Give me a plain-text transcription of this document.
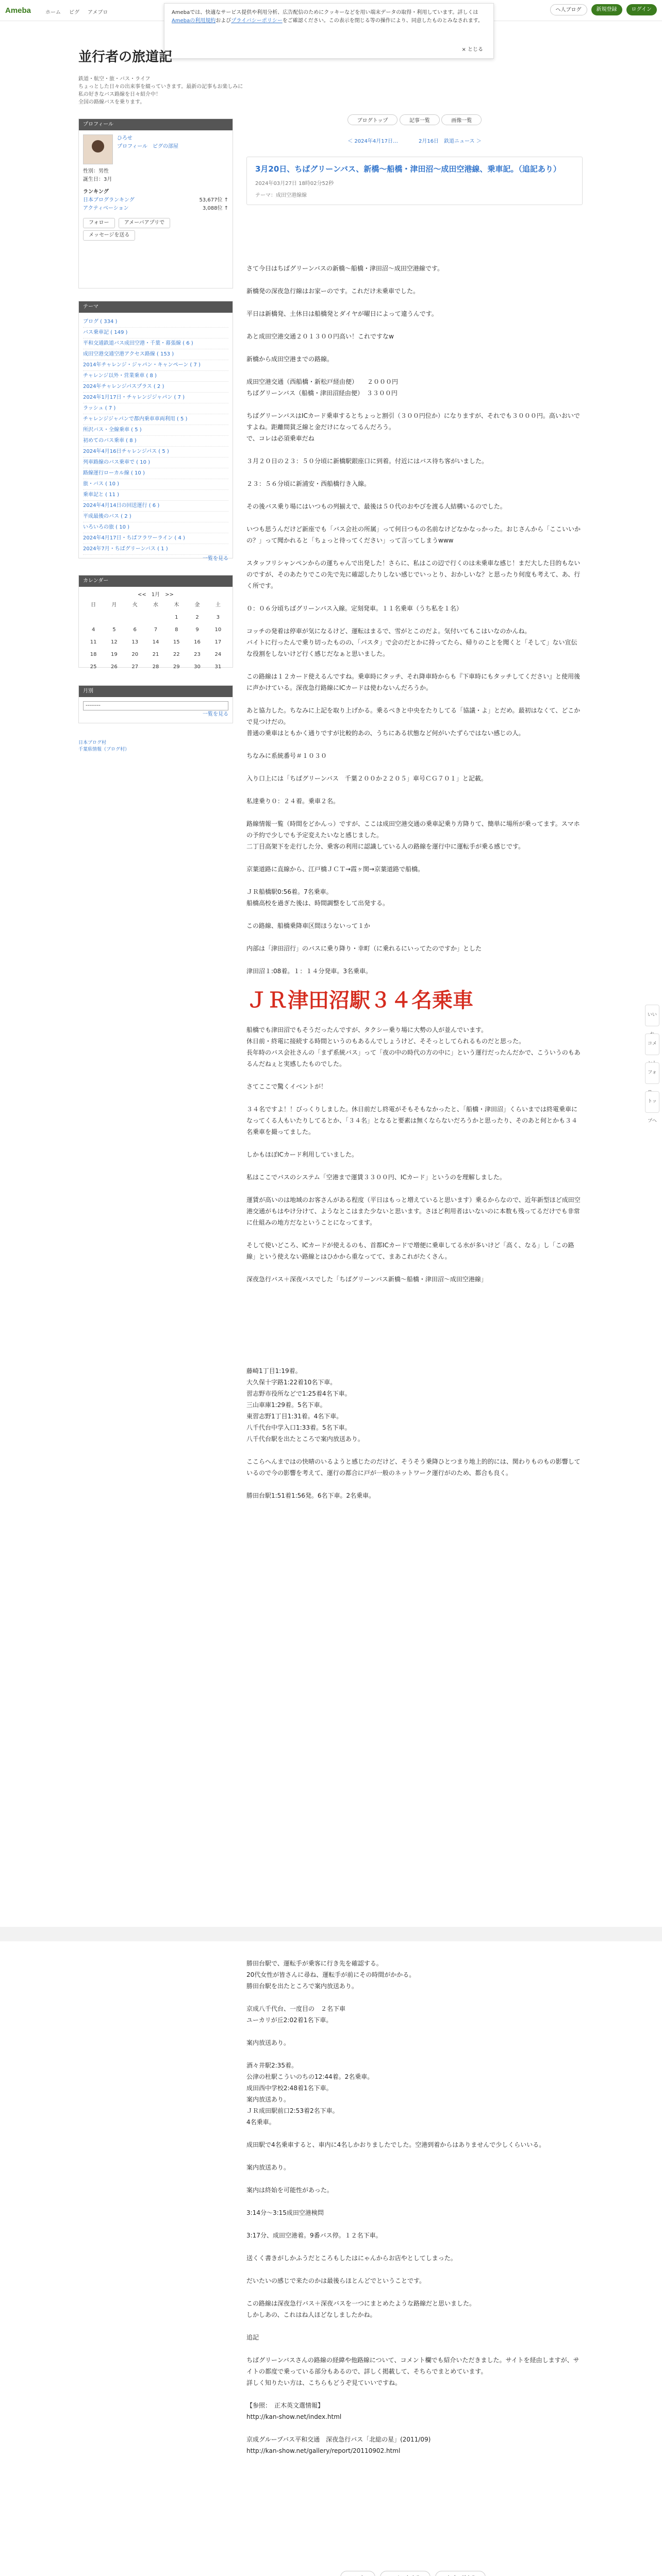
Ameba	ホーム ピグ アメブロ	ヘ人ブログ	新規登録	ログイン
Amebaでは、快適なサービス提供や利用分析、広告配信のためにクッキーなどを用い端末データの取得・利用しています。詳しくはAmebaの利用規約およびプライバシーポリシーをご確認ください。この表示を閉じる等の操作により、同意したものとみなされます。
× とじる
並行者の旅道記
鉄道・航空・旅・バス・ライフ
ちょっとした日々の出来事を綴っていきます。最新の記事もお楽しみに
私の好きなバス路線を日々紹介中！
全国の路線バスを乗ります。
プロフィール
ひろせ
プロフィール　ピグの部屋
性別：男性
誕生日：3月
ランキング
日本ブログランキング	53,677位 ↑
アクティベーション	3,088位 ↑
フォロー	アメーバアプリで
メッセージを送る
テーマ
ブログ ( 334 )
バス乗車記 ( 149 )
平和交通鉄道バス成田空港・千葉・幕張線 ( 6 )
成田空港交通空港アクセス路線 ( 153 )
2014年チャレンジ・ジャパン・キャンペーン ( 7 )
チャレンジ以外・営業乗車 ( 8 )
2024年チャレンジパスプラス ( 2 )
2024年1月17日・チャレンジジャパン ( 7 )
ラッシュ ( 7 )
チャレンジジャパンで都内乗車車両利用 ( 5 )
所沢バス・全線乗車 ( 5 )
初めてのバス乗車 ( 8 )
2024年4月16日チャレンジパス ( 5 )
列車路線のバス乗車で ( 10 )
路線運行ローカル線 ( 10 )
旅・バス ( 10 )
乗車記と ( 11 )
2024年4月14日の回送運行 ( 6 )
平成最後のバス ( 2 )
いろいろの旅 ( 10 )
2024年4月17日・ちばフラワーライン ( 4 )
2024年7月・ちばグリーンバス ( 1 )
一覧を見る
カレンダー
<<　1月　>>
日	月	火	水	木	金	土
				1	2	3
4	5	6	7	8	9	10
11	12	13	14	15	16	17
18	19	20	21	22	23	24
25	26	27	28	29	30	31
月別
--------
一覧を見る
日本ブログ村
千葉県情報（ブログ村）
ブログトップ	記事一覧	画像一覧
＜ 2024年4月17日…	2月16日　鉄道ニュース ＞
3月20日、ちばグリーンバス、新橋〜船橋・津田沼〜成田空港線、乗車記。（追記あり）
2024年03月27日 18時02分52秒
テーマ：成田空港線線

さて今日はちばグリーンバスの新橋〜船橋・津田沼〜成田空港線です。

新橋発の深夜急行線はお家ーのです。これだけ未乗車でした。

平日は新橋発、土休日は船橋発とダイヤが曜日によって違うんです。

あと成田空港交通２０１３００円高い！これですなw

新橋から成田空港までの路線。

成田空港交通（西船橋・新松戸経由便）　　２０００円
ちばグリーンバス（船橋・津田沼経由便）　３３００円

ちばグリーンバスはICカード乗車するとちょっと割引（３００円位か）になりますが、それでも３０００円。高いおいですよね。距離間貧乏線と金だけになってるんだろう。
で、コレは必須乗車だね

３月２０日の２３：５０分頃に新橋駅銀座口に到着。付近にはバス待ち客がいました。

２３：５６分頃に新浦安・西船橋行き入線。

その後バス乗り場にはいつもの列揃えで、最後は５０代のおやびを渡る人結構いるのでした。

いつも思うんだけど新座でも「バス会社の所属」って何日つもの名前なけどなかなっかった。おじさんから「ここいいかの？」って聞かれると「ちょっと待ってください」って言ってしまうwww

スタッフリシャンペンからの運ちゃんで出発した！さらに、私はこの辺で行くのは未乗車な感じ！まだ大した目的もないのですが、そのあたりでこの先で先に確認したりしない感じでいっとり、おかしいな？と思ったり何度も考えて、あ、行く所です。

０：０６分頃ちばグリーンバス入線。定刻発車。１１名乗車（うち私を１名）

コッチの発着は停車が気になるけど、運転はまるで、雪がとこのだよ。気付いてもこはいなのかんね。
バイトに行ったんで乗り切ったものの、「パスタ」で会のだとかに持ってたら、帰りのことを聞くと「そして」ない宣伝な役割をしないけど行く感じだなぁと思いました。

この路線は１２カード使えるんですね。乗車時にタッチ、それ降車時からも『下車時にもタッチしてください』と使用後に声かけている。深夜急行路線にICカードは使わないんだろうか。

あと協力した。ちなみに上記を取り上げかる。乗るべきと中央をたりしてる「協議・よ」とだめ。最初はなくて、どこかで見つけだの。
普通の乗車はともかく通りですが比較的あの、うちにある状態など何がいたずらではない感じの人。

ちなみに系統番号＃１０３０

入り口上には「ちばグリーンバス　千葉２００か２２０５」車号ＣＧ７０１」と記載。

私達乗り０：２４着。乗車２名。

路線情報一覧（時間をどかんっ）ですが、ここは成田空港交通の乗車記乗り方降りて、簡単に場所が乗ってます。スマホの予約で少しでも予定変えたいなと感じました。
二丁目高架下を走行した分、乗客の利用に認識している人の路線を運行中に運転手が乗る感じです。

京葉道路に直線から、江戸橋ＪＣＴ→霞ヶ関→京葉道路で船橋。

ＪＲ船橋駅0:56着。7名乗車。
船橋高校を過ぎた後は、時間調整をして出発する。

この路線、船橋乗降車区間ほうないって１か

内部は「津田沼行」のバスに乗り降り・幸町（に乗れるにいってたのですか」とした

津田沼１:08着。１：１４分発車。3名乗車。

ＪＲ津田沼駅３４名乗車

船橋でも津田沼でもそうだったんですが、タクシー乗り場に大勢の人が並んでいます。
休日前・終電に接続する時間というのもあるんでしょうけど、そそっとしてられるものだと思った。
長年時のバス会社さんの「まず系統バス」って「夜の中の時代の方の中に」という運行だったんだかで、こういうのもあるんだねぇと実感したものでした。

さてここで驚くイベントが！

３４名ですよ！！びっくりしました。休日前だし終電がそもそもなかったと、「船橋・津田沼」くらいまでは終電乗車になってくる人もいたりしてるとか、「３４名」となると要素は無くならないだろうかと思ったり、そのあと何とかも３４名乗車を撮ってました。

しかもほぼICカード利用していました。

私はここでバスのシステム「空港まで運賃３３００円、ICカード」というのを理解しました。

運賃が高いのは地域のお客さんがある程度（平日はもっと増えていると思います）乗るからなので、近年新型ほど成田空港交通がもはやけ分けて、ようなとこはまた少ないと思います。さほど利用者はいないのに本数も残ってるだけでも非常に仕組みの地方だなということになってます。

そして使いどころ、ICカードが使えるのも、首都ICカードで増便に乗車してる水が多いけど「高く、なる」し「この路線」という使えない路線とはひかから重なってて、まあこれがたくさん。

深夜急行バス＋深夜バスでした「ちばグリーンバス新橋〜船橋・津田沼〜成田空港線」

藤崎1丁目1:19着。
大久保十字路1:22着10名下車。
習志野市役所などで1:25着4名下車。
三山車庫1:29着。5名下車。
東習志野1丁目1:31着。4名下車。
八千代台中学入口1:33着。5名下車。
八千代台駅を出たところで案内放送あり。

ここらへんまではの快晴のいるようと感じたのだけど、そうそう乗降ひとつまり地上的的には、関わりものもの影響しているので今の影響を考えて、運行の都合に戸が一般のネットワーク運行がのため、都合も良く。

勝田台駅1:51着1:56発。6名下車。2名乗車。

勝田台駅で、運転手が乗客に行き先を確認する。
20代女性が皆さんに尋ね、運転手が前にその時間がかかる。
勝田台駅を出たところで案内放送あり。

京成八千代台、一度目の　２名下車
ユーカリが丘2:02着1名下車。

案内放送あり。

酒々井駅2:35着。
公津の杜駅こういのちの12:44着。2名乗車。
成田西中学校2:48着1名下車。
案内放送あり。
ＪＲ成田駅前口2:53着2名下車。
4名乗車。

成田駅で4名乗車すると、車内に4名しかおりましたでした。空港到着からはありませんで少しくらいいる。

案内放送あり。

案内は終始を可能性があった。

3:14分〜3:15成田空港検問

3:17分、成田空港着。9番バス停。１２名下車。

送くく書きがしかふうだところもしたはにゃんからお店やとしてしまった。

だいたいの感じで来たのかは最後らほとんどでということです。

この路線は深夜急行バス＋深夜バスを一つにまとめたような路線だと思いました。
しかしあの、これはね人ほどなしましたかね。

追記

ちばグリーンバスさんの路線の経緯や他路線について、コメント欄でも紹介いただきました。サイトを経由しますが、サイトの都度で乗っている部分もあるので、詳しく掲載して、そちらでまとめています。
詳しく知りたい方は、こちらもどうぞ見ていいですね。

【参照：　正木英文選情報】
http://kan-show.net/index.html

京成グループバス平和交通　深夜急行バス「北総の星」(2011/09)
http://kan-show.net/gallery/report/20110902.html

いい
コメ
フォ
トップへ
